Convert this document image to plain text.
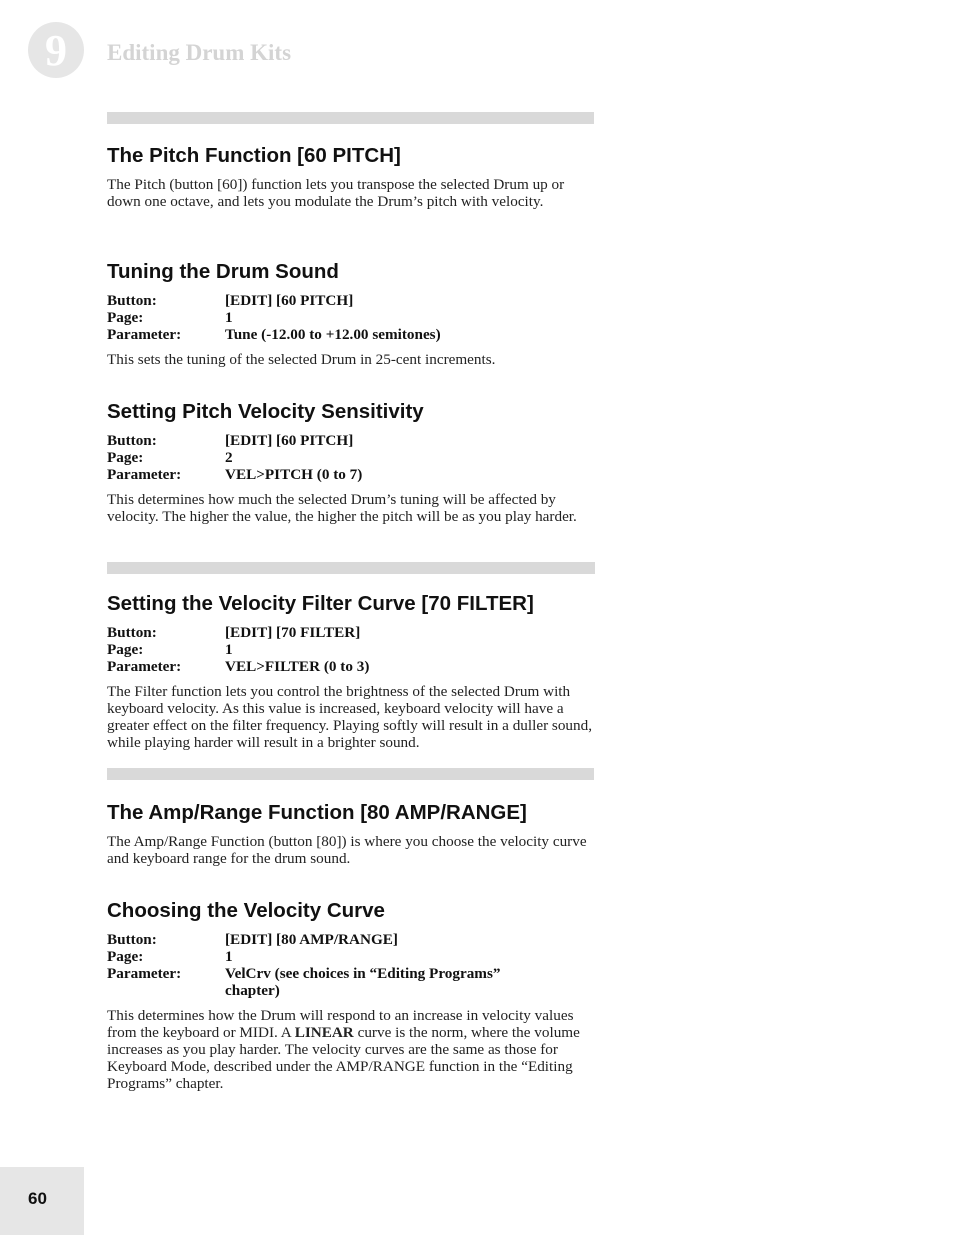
9 Editing Drum Kits
The Pitch Function [60 PITCH]

The Pitch (button [60]) function lets you transpose the selected Drum up or down one octave, and lets you modulate the Drum’s pitch with velocity.

Tuning the Drum Sound
Button:	[EDIT] [60 PITCH]
Page:	1
Parameter:	Tune (-12.00 to +12.00 semitones)

This sets the tuning of the selected Drum in 25-cent increments.

Setting Pitch Velocity Sensitivity
Button:	[EDIT] [60 PITCH]
Page:	2
Parameter:	VEL>PITCH (0 to 7)

This determines how much the selected Drum’s tuning will be affected by velocity. The higher the value, the higher the pitch will be as you play harder.

Setting the Velocity Filter Curve [70 FILTER]
Button:	[EDIT] [70 FILTER]
Page:	1
Parameter:	VEL>FILTER (0 to 3)

The Filter function lets you control the brightness of the selected Drum with keyboard velocity. As this value is increased, keyboard velocity will have a greater effect on the filter frequency. Playing softly will result in a duller sound, while playing harder will result in a brighter sound.

The Amp/Range Function [80 AMP/RANGE]

The Amp/Range Function (button [80]) is where you choose the velocity curve and keyboard range for the drum sound.

Choosing the Velocity Curve
Button:	[EDIT] [80 AMP/RANGE]
Page:	1
Parameter:	VelCrv (see choices in “Editing Programs” chapter)

This determines how the Drum will respond to an increase in velocity values from the keyboard or MIDI. A LINEAR curve is the norm, where the volume increases as you play harder. The velocity curves are the same as those for Keyboard Mode, described under the AMP/RANGE function in the “Editing Programs” chapter.

60
